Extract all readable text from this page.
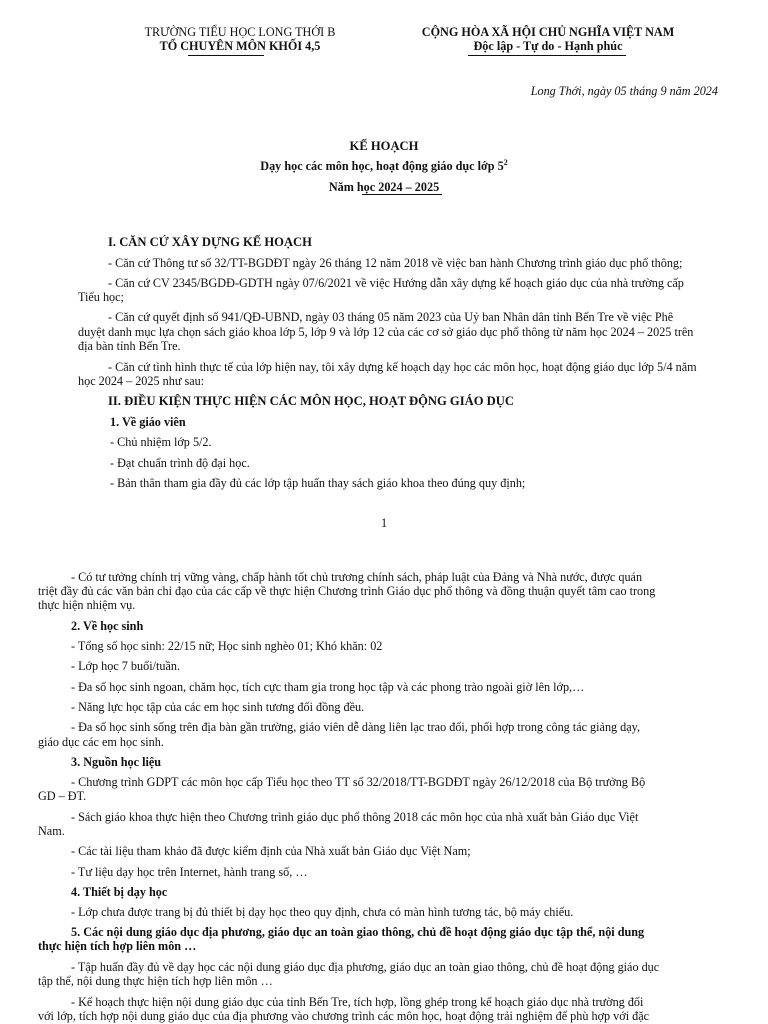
TRƯỜNG TIỂU HỌC LONG THỚI B
TỔ CHUYÊN MÔN KHỐI 4,5
CỘNG HÒA XÃ HỘI CHỦ NGHĨA VIỆT NAM
Độc lập - Tự do - Hạnh phúc
Long Thới, ngày 05 tháng 9 năm 2024
KẾ HOẠCH
Dạy học các môn học, hoạt động giáo dục lớp $5^2$
Năm học 2024 – 2025
I. CĂN CỨ XÂY DỰNG KẾ HOẠCH
- Căn cứ Thông tư số 32/TT-BGDĐT ngày 26 tháng 12 năm 2018 về việc ban hành Chương trình giáo dục phổ thông;
- Căn cứ CV 2345/BGDĐ-GDTH ngày 07/6/2021 về việc Hướng dẫn xây dựng kế hoạch giáo dục của nhà trường cấp
Tiểu học;
- Căn cứ quyết định số 941/QĐ-UBND, ngày 03 tháng 05 năm 2023 của Uỷ ban Nhân dân tỉnh Bến Tre về việc Phê
duyệt danh mục lựa chọn sách giáo khoa lớp 5, lớp 9 và lớp 12 của các cơ sở giáo dục phổ thông từ năm học 2024 – 2025 trên
địa bàn tỉnh Bến Tre.
- Căn cứ tình hình thực tế của lớp hiện nay, tôi xây dựng kế hoạch dạy học các môn học, hoạt động giáo dục lớp 5/4 năm
học 2024 – 2025 như sau:
II. ĐIỀU KIỆN THỰC HIỆN CÁC MÔN HỌC, HOẠT ĐỘNG GIÁO DỤC
1. Về giáo viên
- Chủ nhiệm lớp 5/2.
- Đạt chuẩn trình độ đại học.
- Bản thân tham gia đầy đủ các lớp tập huấn thay sách giáo khoa theo đúng quy định;
1
- Có tư tưởng chính trị vững vàng, chấp hành tốt chủ trương chính sách, pháp luật của Đảng và Nhà nước, được quán
triệt đầy đủ các văn bản chỉ đạo của các cấp về thực hiện Chương trình Giáo dục phổ thông và đồng thuận quyết tâm cao trong
thực hiện nhiệm vụ.
2. Về học sinh
- Tổng số học sinh: 22/15 nữ; Học sinh nghèo 01; Khó khăn: 02
- Lớp học 7 buổi/tuần.
- Đa số học sinh ngoan, chăm học, tích cực tham gia trong học tập và các phong trào ngoài giờ lên lớp,…
- Năng lực học tập của các em học sinh tương đối đồng đều.
- Đa số học sinh sống trên địa bàn gần trường, giáo viên dễ dàng liên lạc trao đổi, phối hợp trong công tác giảng dạy,
giáo dục các em học sinh.
3. Nguồn học liệu
- Chương trình GDPT các môn học cấp Tiểu học theo TT số 32/2018/TT-BGDĐT ngày 26/12/2018 của Bộ trưởng Bộ
GD – ĐT.
- Sách giáo khoa thực hiện theo Chương trình giáo dục phổ thông 2018 các môn học của nhà xuất bản Giáo dục Việt
Nam.
- Các tài liệu tham khảo đã được kiểm định của Nhà xuất bản Giáo dục Việt Nam;
- Tư liệu dạy học trên Internet, hành trang số, …
4. Thiết bị dạy học
- Lớp chưa được trang bị đủ thiết bị dạy học theo quy định, chưa có màn hình tương tác, bộ máy chiếu.
5. Các nội dung giáo dục địa phương, giáo dục an toàn giao thông, chủ đề hoạt động giáo dục tập thể, nội dung
thực hiện tích hợp liên môn …
- Tập huấn đầy đủ về dạy học các nội dung giáo dục địa phương, giáo dục an toàn giao thông, chủ đề hoạt động giáo dục
tập thể, nội dung thực hiện tích hợp liên môn …
- Kế hoạch thực hiện nội dung giáo dục của tỉnh Bến Tre, tích hợp, lồng ghép trong kế hoạch giáo dục nhà trường đối
với lớp, tích hợp nội dung giáo dục của địa phương vào chương trình các môn học, hoạt động trải nghiệm để phù hợp với đặc
